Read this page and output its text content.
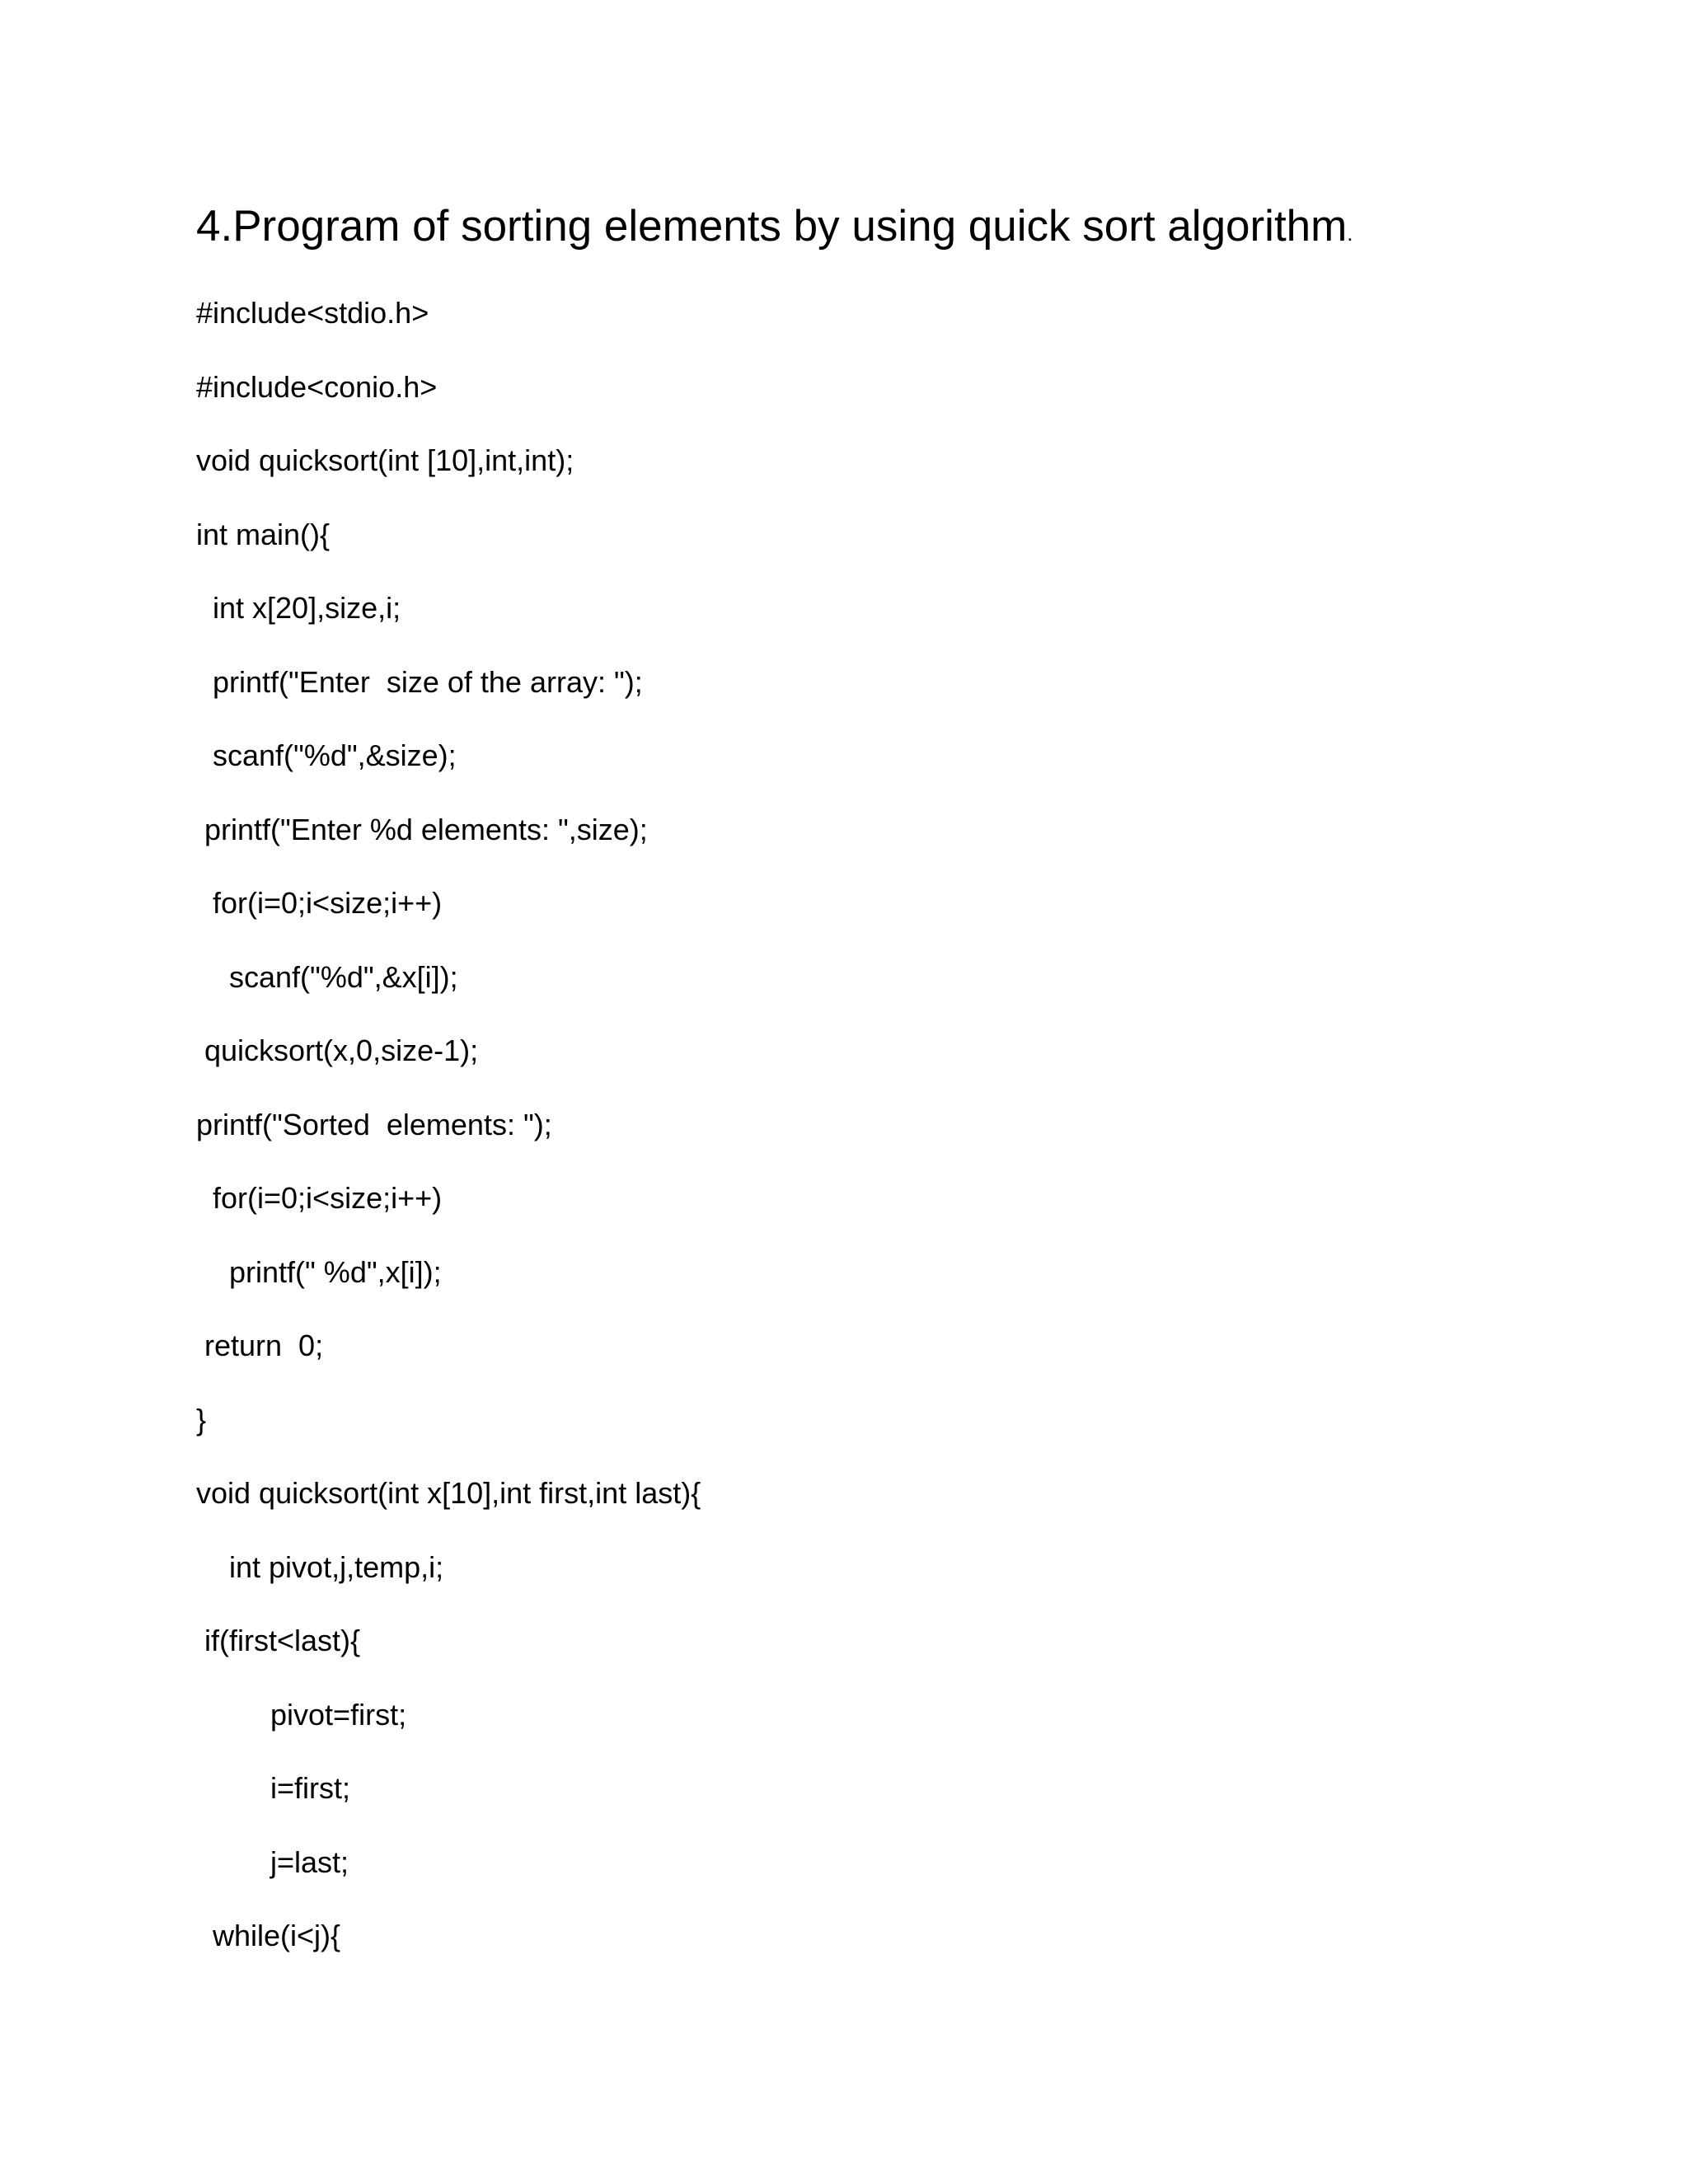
4.Program of sorting elements by using quick sort algorithm.
#include<stdio.h>
#include<conio.h>
void quicksort(int [10],int,int);
int main(){
int x[20],size,i;
printf("Enter  size of the array: ");
scanf("%d",&size);
printf("Enter %d elements: ",size);
for(i=0;i<size;i++)
scanf("%d",&x[i]);
quicksort(x,0,size-1);
printf("Sorted  elements: ");
for(i=0;i<size;i++)
printf(" %d",x[i]);
return  0;
}
void quicksort(int x[10],int first,int last){
int pivot,j,temp,i;
if(first<last){
pivot=first;
i=first;
j=last;
while(i<j){
